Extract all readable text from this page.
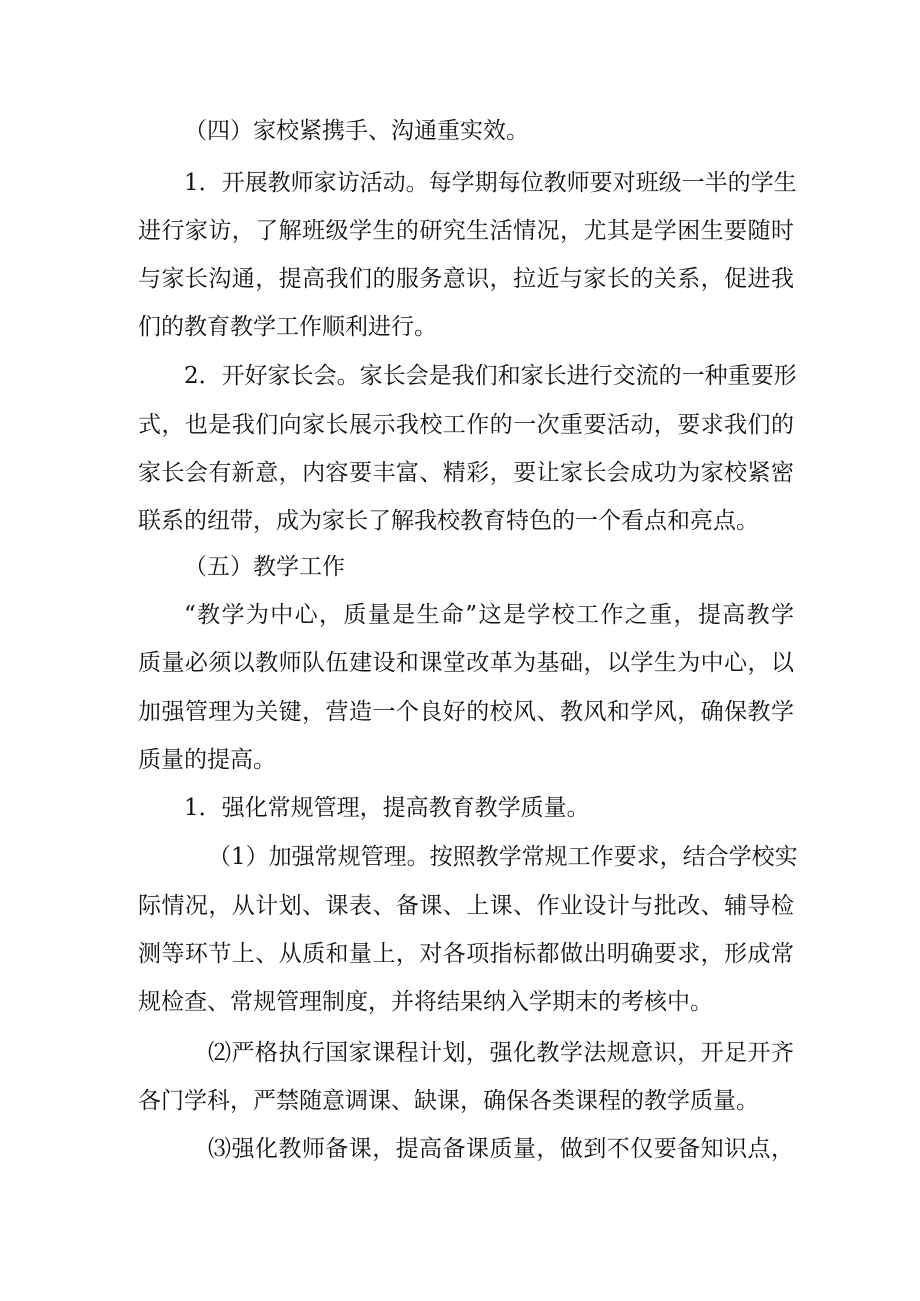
（四）家校紧携手、沟通重实效。
1．开展教师家访活动。每学期每位教师要对班级一半的学生
进行家访，了解班级学生的研究生活情况，尤其是学困生要随时
与家长沟通，提高我们的服务意识，拉近与家长的关系，促进我
们的教育教学工作顺利进行。
2．开好家长会。家长会是我们和家长进行交流的一种重要形
式，也是我们向家长展示我校工作的一次重要活动，要求我们的
家长会有新意，内容要丰富、精彩，要让家长会成功为家校紧密
联系的纽带，成为家长了解我校教育特色的一个看点和亮点。
（五）教学工作
“教学为中心，质量是生命”这是学校工作之重，提高教学
质量必须以教师队伍建设和课堂改革为基础，以学生为中心，以
加强管理为关键，营造一个良好的校风、教风和学风，确保教学
质量的提高。
1．强化常规管理，提高教育教学质量。
（1）加强常规管理。按照教学常规工作要求，结合学校实
际情况，从计划、课表、备课、上课、作业设计与批改、辅导检
测等环节上、从质和量上，对各项指标都做出明确要求，形成常
规检查、常规管理制度，并将结果纳入学期末的考核中。
⑵严格执行国家课程计划，强化教学法规意识，开足开齐
各门学科，严禁随意调课、缺课，确保各类课程的教学质量。
⑶强化教师备课，提高备课质量，做到不仅要备知识点，
